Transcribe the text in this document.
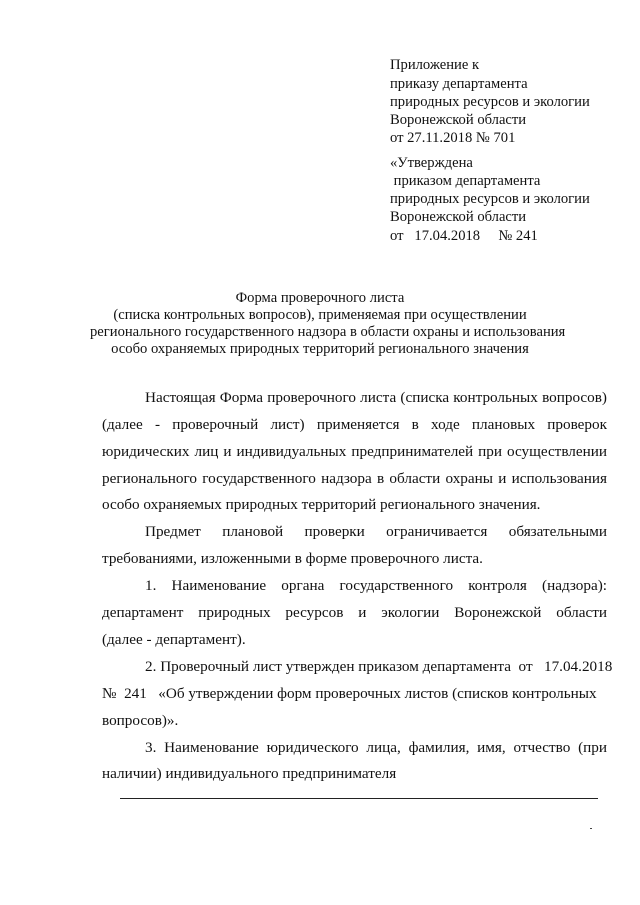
Приложение к
приказу департамента
природных ресурсов и экологии
Воронежской области
от 27.11.2018 № 701
«Утверждена
приказом департамента
природных ресурсов и экологии
Воронежской области
от   17.04.2018     № 241
Форма проверочного листа
(списка контрольных вопросов), применяемая при осуществлении
регионального государственного надзора в области охраны и использования
особо охраняемых природных территорий регионального значения
Настоящая Форма проверочного листа (списка контрольных вопросов)
(далее - проверочный лист) применяется в ходе плановых проверок
юридических лиц и индивидуальных предпринимателей при осуществлении
регионального государственного надзора в области охраны и использования
особо охраняемых природных территорий регионального значения.
Предмет плановой проверки ограничивается обязательными
требованиями, изложенными в форме проверочного листа.
1. Наименование органа государственного контроля (надзора):
департамент природных ресурсов и экологии Воронежской области
(далее - департамент).
2. Проверочный лист утвержден приказом департамента  от   17.04.2018
№  241   «Об утверждении форм проверочных листов (списков контрольных
вопросов)».
3. Наименование юридического лица, фамилия, имя, отчество (при
наличии) индивидуального предпринимателя
